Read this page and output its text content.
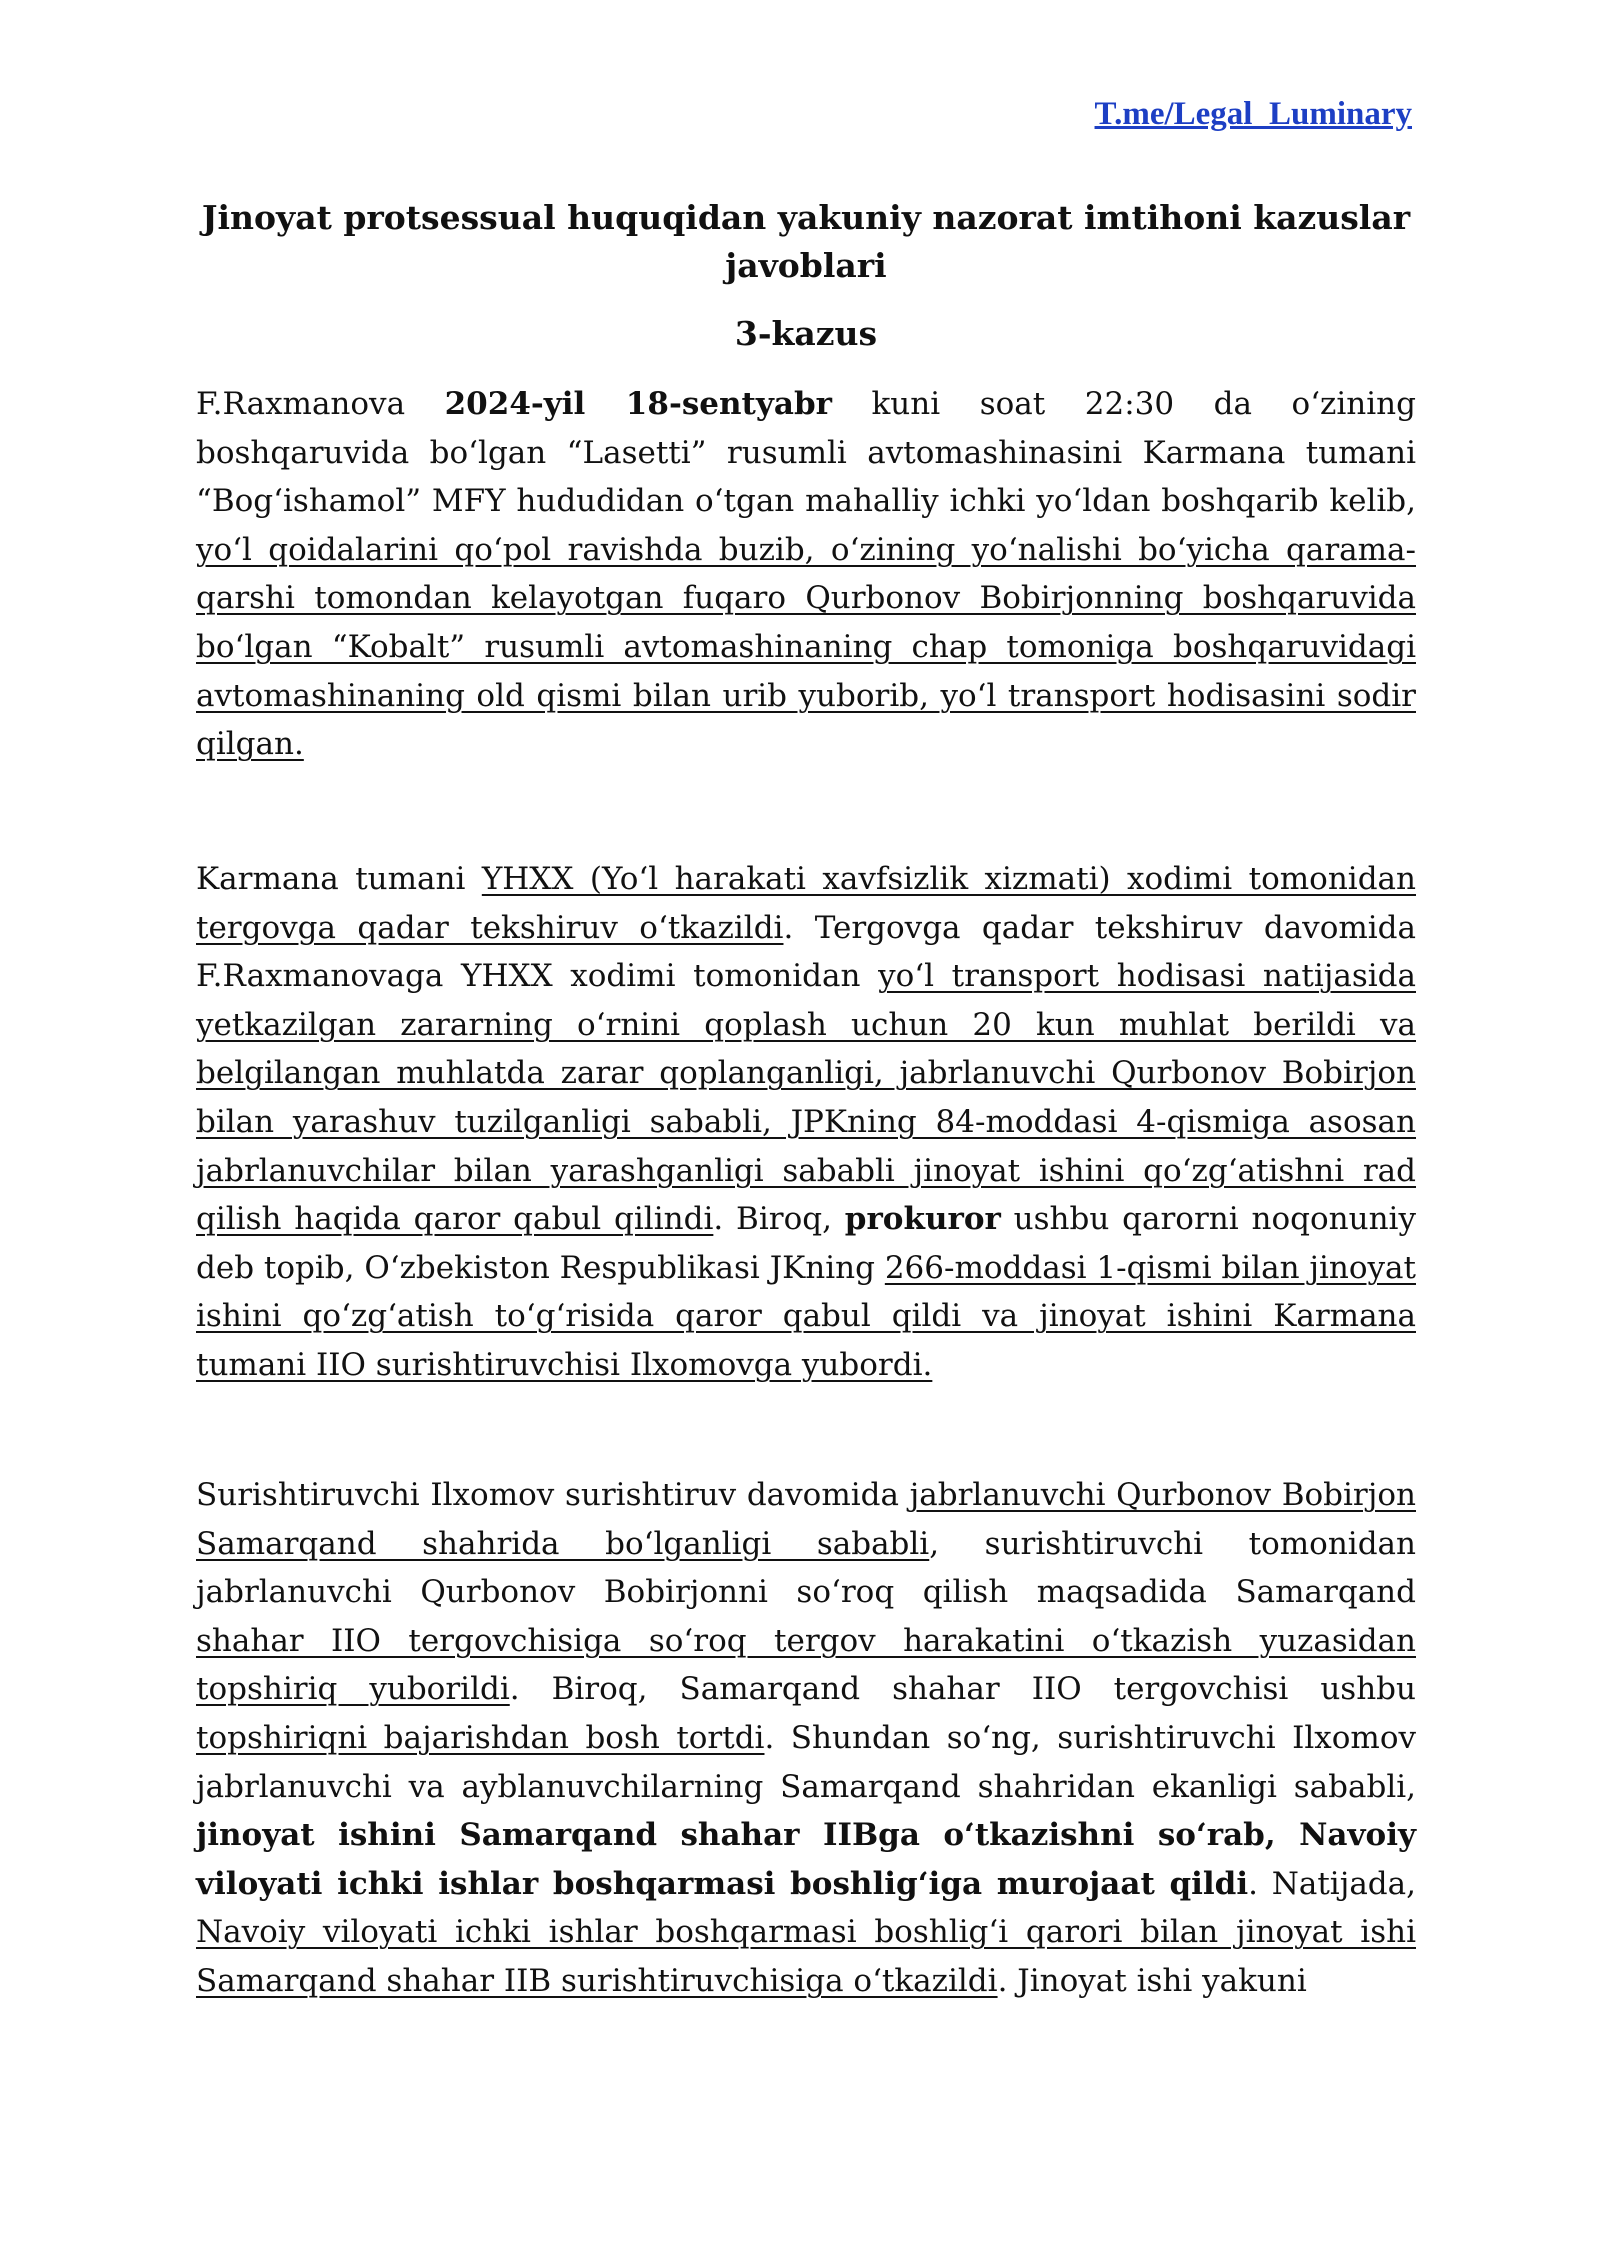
T.me/Legal_Luminary
Jinoyat protsessual huquqidan yakuniy nazorat imtihoni kazuslar javoblari
3-kazus

F.Raxmanova 2024-yil 18-sentyabr kuni soat 22:30 da o‘zining boshqaruvida bo‘lgan “Lasetti” rusumli avtomashinasini Karmana tumani “Bog‘ishamol” MFY hududidan o‘tgan mahalliy ichki yo‘ldan boshqarib kelib, yo‘l qoidalarini qo‘pol ravishda buzib, o‘zining yo‘nalishi bo‘yicha qarama-qarshi tomondan kelayotgan fuqaro Qurbonov Bobirjonning boshqaruvida bo‘lgan “Kobalt” rusumli avtomashinaning chap tomoniga boshqaruvidagi avtomashinaning old qismi bilan urib yuborib, yo‘l transport hodisasini sodir qilgan.

Karmana tumani YHXX (Yo‘l harakati xavfsizlik xizmati) xodimi tomonidan tergovga qadar tekshiruv o‘tkazildi. Tergovga qadar tekshiruv davomida F.Raxmanovaga YHXX xodimi tomonidan yo‘l transport hodisasi natijasida yetkazilgan zararning o‘rnini qoplash uchun 20 kun muhlat berildi va belgilangan muhlatda zarar qoplanganligi, jabrlanuvchi Qurbonov Bobirjon bilan yarashuv tuzilganligi sababli, JPKning 84-moddasi 4-qismiga asosan jabrlanuvchilar bilan yarashganligi sababli jinoyat ishini qo‘zg‘atishni rad qilish haqida qaror qabul qilindi. Biroq, prokuror ushbu qarorni noqonuniy deb topib, O‘zbekiston Respublikasi JKning 266-moddasi 1-qismi bilan jinoyat ishini qo‘zg‘atish to‘g‘risida qaror qabul qildi va jinoyat ishini Karmana tumani IIO surishtiruvchisi Ilxomovga yubordi.

Surishtiruvchi Ilxomov surishtiruv davomida jabrlanuvchi Qurbonov Bobirjon Samarqand shahrida bo‘lganligi sababli, surishtiruvchi tomonidan jabrlanuvchi Qurbonov Bobirjonni so‘roq qilish maqsadida Samarqand shahar IIO tergovchisiga so‘roq tergov harakatini o‘tkazish yuzasidan topshiriq yuborildi. Biroq, Samarqand shahar IIO tergovchisi ushbu topshiriqni bajarishdan bosh tortdi. Shundan so‘ng, surishtiruvchi Ilxomov jabrlanuvchi va ayblanuvchilarning Samarqand shahridan ekanligi sababli, jinoyat ishini Samarqand shahar IIBga o‘tkazishni so‘rab, Navoiy viloyati ichki ishlar boshqarmasi boshlig‘iga murojaat qildi. Natijada, Navoiy viloyati ichki ishlar boshqarmasi boshlig‘i qarori bilan jinoyat ishi Samarqand shahar IIB surishtiruvchisiga o‘tkazildi. Jinoyat ishi yakuni
